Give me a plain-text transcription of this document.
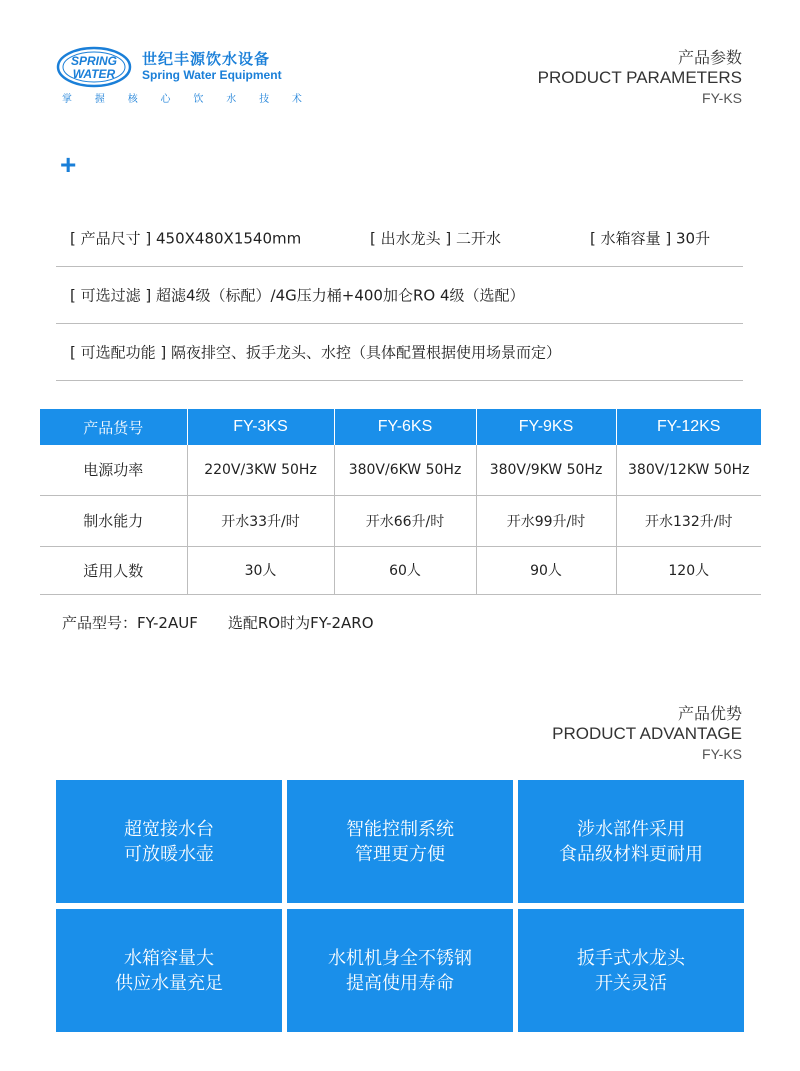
SPRING
WATER
世纪丰源饮水设备
Spring Water Equipment
掌 握 核 心 饮 水 技 术
产品参数
PRODUCT PARAMETERS
FY-KS
+
[ 产品尺寸 ] 450X480X1540mm	[ 出水龙头 ] 二开水	[ 水箱容量 ] 30升
[ 可选过滤 ] 超滤4级（标配）/4G压力桶+400加仑RO 4级（选配）
[ 可选配功能 ] 隔夜排空、扳手龙头、水控（具体配置根据使用场景而定）
产品货号	FY-3KS	FY-6KS	FY-9KS	FY-12KS
电源功率	220V/3KW 50Hz	380V/6KW 50Hz	380V/9KW 50Hz	380V/12KW 50Hz
制水能力	开水33升/时	开水66升/时	开水99升/时	开水132升/时
适用人数	30人	60人	90人	120人
产品型号：FY-2AUF 选配RO时为FY-2ARO
产品优势
PRODUCT ADVANTAGE
FY-KS
超宽接水台
可放暖水壶
智能控制系统
管理更方便
涉水部件采用
食品级材料更耐用
水箱容量大
供应水量充足
水机机身全不锈钢
提高使用寿命
扳手式水龙头
开关灵活
